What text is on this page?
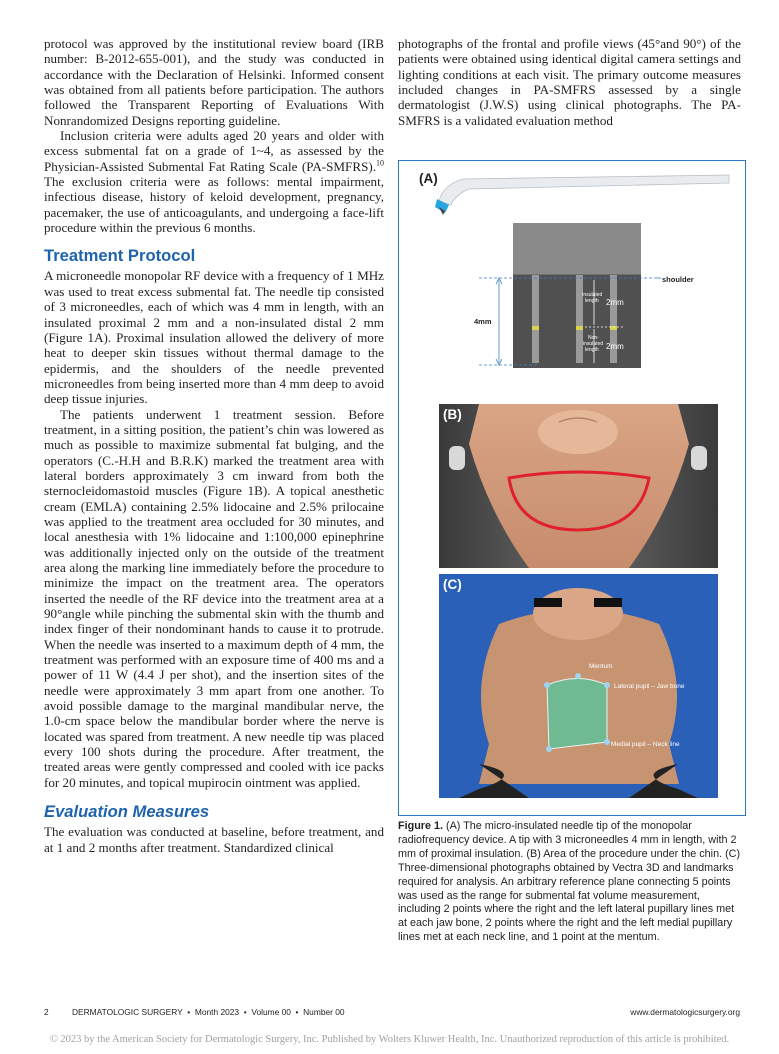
protocol was approved by the institutional review board (IRB number: B-2012-655-001), and the study was conducted in accordance with the Declaration of Helsinki. Informed consent was obtained from all patients before participation. The authors followed the Transparent Reporting of Evaluations With Nonrandomized Designs reporting guideline.

Inclusion criteria were adults aged 20 years and older with excess submental fat on a grade of 1~4, as assessed by the Physician-Assisted Submental Fat Rating Scale (PA-SMFRS).$^{10}$ The exclusion criteria were as follows: mental impairment, infectious disease, history of keloid development, pregnancy, pacemaker, the use of anticoagulants, and undergoing a face-lift procedure within the previous 6 months.

Treatment Protocol

A microneedle monopolar RF device with a frequency of 1 MHz was used to treat excess submental fat. The needle tip consisted of 3 microneedles, each of which was 4 mm in length, with an insulated proximal 2 mm and a non-insulated distal 2 mm (Figure 1A). Proximal insulation allowed the delivery of more heat to deeper skin tissues without thermal damage to the epidermis, and the shoulders of the needle prevented microneedles from being inserted more than 4 mm deep to avoid deep tissue injuries.

The patients underwent 1 treatment session. Before treatment, in a sitting position, the patient’s chin was lowered as much as possible to maximize submental fat bulging, and the operators (C.-H.H and B.R.K) marked the treatment area with lateral borders approximately 3 cm inward from both the sternocleidomastoid muscles (Figure 1B). A topical anesthetic cream (EMLA) containing 2.5% lidocaine and 2.5% prilocaine was applied to the treatment area occluded for 30 minutes, and local anesthesia with 1% lidocaine and 1:100,000 epinephrine was additionally injected only on the outside of the treatment area along the marking line immediately before the procedure to minimize the impact on the treatment area. The operators inserted the needle of the RF device into the treatment area at a 90°angle while pinching the submental skin with the thumb and index finger of their nondominant hands to cause it to protrude. When the needle was inserted to a maximum depth of 4 mm, the treatment was performed with an exposure time of 400 ms and a power of 11 W (4.4 J per shot), and the insertion sites of the needle were approximately 3 mm apart from one another. To avoid possible damage to the marginal mandibular nerve, the 1.0-cm space below the mandibular border where the nerve is located was spared from treatment. A new needle tip was placed every 100 shots during the procedure. After treatment, the treated areas were gently compressed and cooled with ice packs for 20 minutes, and topical mupirocin ointment was applied.

Evaluation Measures

The evaluation was conducted at baseline, before treatment, and at 1 and 2 months after treatment. Standardized clinical

photographs of the frontal and profile views (45°and 90°) of the patients were obtained using identical digital camera settings and lighting conditions at each visit. The primary outcome measures included changes in PA-SMFRS assessed by a single dermatologist (J.W.S) using clinical photographs. The PA-SMFRS is a validated evaluation method

(A)
shoulder
4mm
Insulated
length 2mm
Non-
insulated
length 2mm
(B)
Mentum
Lateral pupil – Jaw bone
Medial pupil – Neck line
(C)
Figure 1. (A) The micro-insulated needle tip of the monopolar radiofrequency device. A tip with 3 microneedles 4 mm in length, with 2 mm of proximal insulation. (B) Area of the procedure under the chin. (C) Three-dimensional photographs obtained by Vectra 3D and landmarks required for analysis. An arbitrary reference plane connecting 5 points was used as the range for submental fat volume measurement, including 2 points where the right and the left lateral pupillary lines met at each jaw bone, 2 points where the right and the left medial pupillary lines met at each neck line, and 1 point at the mentum.
2	DERMATOLOGIC SURGERY  •  Month 2023  •  Volume 00  •  Number 00	www.dermatologicsurgery.org
© 2023 by the American Society for Dermatologic Surgery, Inc. Published by Wolters Kluwer Health, Inc. Unauthorized reproduction of this article is prohibited.
